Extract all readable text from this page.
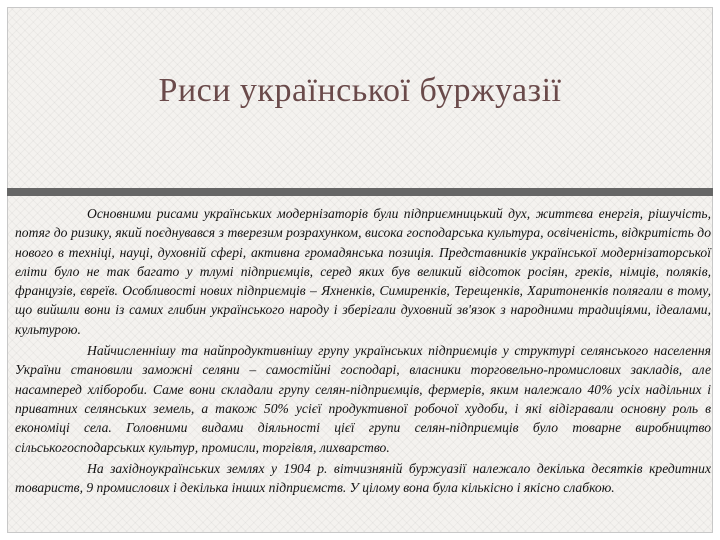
Риси української буржуазії

Основними рисами українських модернізаторів були підприємницький дух, життєва енергія, рішучість, потяг до ризику, який поєднувався з тверезим розрахунком, висока господарська культура, освіченість, відкритість до нового в техніці, науці, духовній сфері, активна громадянська позиція. Представників української модернізаторської еліти було не так багато у тлумі підприємців, серед яких був великий відсоток росіян, греків, німців, поляків, французів, євреїв. Особливості нових підприємців – Яхненків, Симиренків, Терещенків, Харитоненків полягали в тому, що вийшли вони із самих глибин українського народу і зберігали духовний зв'язок з народними традиціями, ідеалами, культурою.

Найчисленнішу та найпродуктивнішу групу українських підприємців у структурі селянського населення України становили заможні селяни – самостійні господарі, власники торговельно-промислових закладів, але насамперед хлібороби. Саме вони складали групу селян-підприємців, фермерів, яким належало 40% усіх надільних і приватних селянських земель, а також 50% усієї продуктивної робочої худоби, і які відігравали основну роль в економіці села. Головними видами діяльності цієї групи селян-підприємців було товарне виробництво сільськогосподарських культур, промисли, торгівля, лихварство.

На західноукраїнських землях у 1904 р. вітчизняній буржуазії належало декілька десятків кредитних товариств, 9 промислових і декілька інших підприємств. У цілому вона була кількісно і якісно слабкою.
